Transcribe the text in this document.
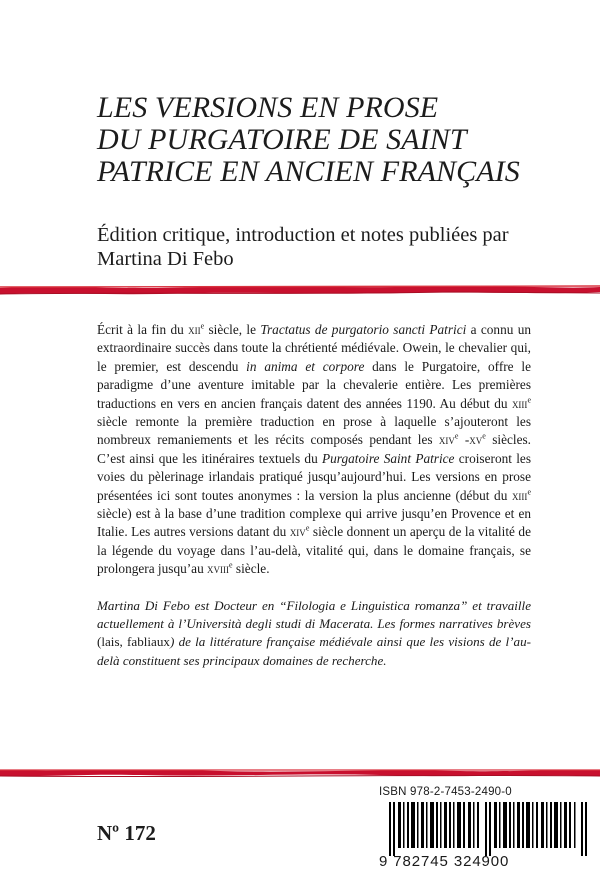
LES VERSIONS EN PROSE
DU PURGATOIRE DE SAINT
PATRICE EN ANCIEN FRANÇAIS
Édition critique, introduction et notes publiées par
Martina Di Febo
Écrit à la fin du xii$^e$ siècle, le Tractatus de purgatorio sancti Patrici a connu un extraordinaire succès dans toute la chrétienté médiévale. Owein, le chevalier qui, le premier, est descendu in anima et corpore dans le Purgatoire, offre le paradigme d’une aventure imitable par la chevalerie entière. Les premières traductions en vers en ancien français datent des années 1190. Au début du xiii$^e$ siècle remonte la première traduction en prose à laquelle s’ajouteront les nombreux remaniements et les récits composés pendant les xiv$^e$ $-xv^e$ siècles. C’est ainsi que les itinéraires textuels du Purgatoire Saint Patrice croiseront les voies du pèlerinage irlandais pratiqué jusqu’aujourd’hui. Les versions en prose présentées ici sont toutes anonymes : la version la plus ancienne (début du xiii$^e$ siècle) est à la base d’une tradition complexe qui arrive jusqu’en Provence et en Italie. Les autres versions datant du xiv$^e$ siècle donnent un aperçu de la vitalité de la légende du voyage dans l’au-delà, vitalité qui, dans le domaine français, se prolongera jusqu’au xviii$^e$ siècle.
Martina Di Febo est Docteur en “Filologia e Linguistica romanza” et travaille actuellement à l’Università degli studi di Macerata. Les formes narratives brèves (lais, fabliaux) de la littérature française médiévale ainsi que les visions de l’au-delà constituent ses principaux domaines de recherche.
Nº 172
ISBN 978-2-7453-2490-0
9 782745 324900
